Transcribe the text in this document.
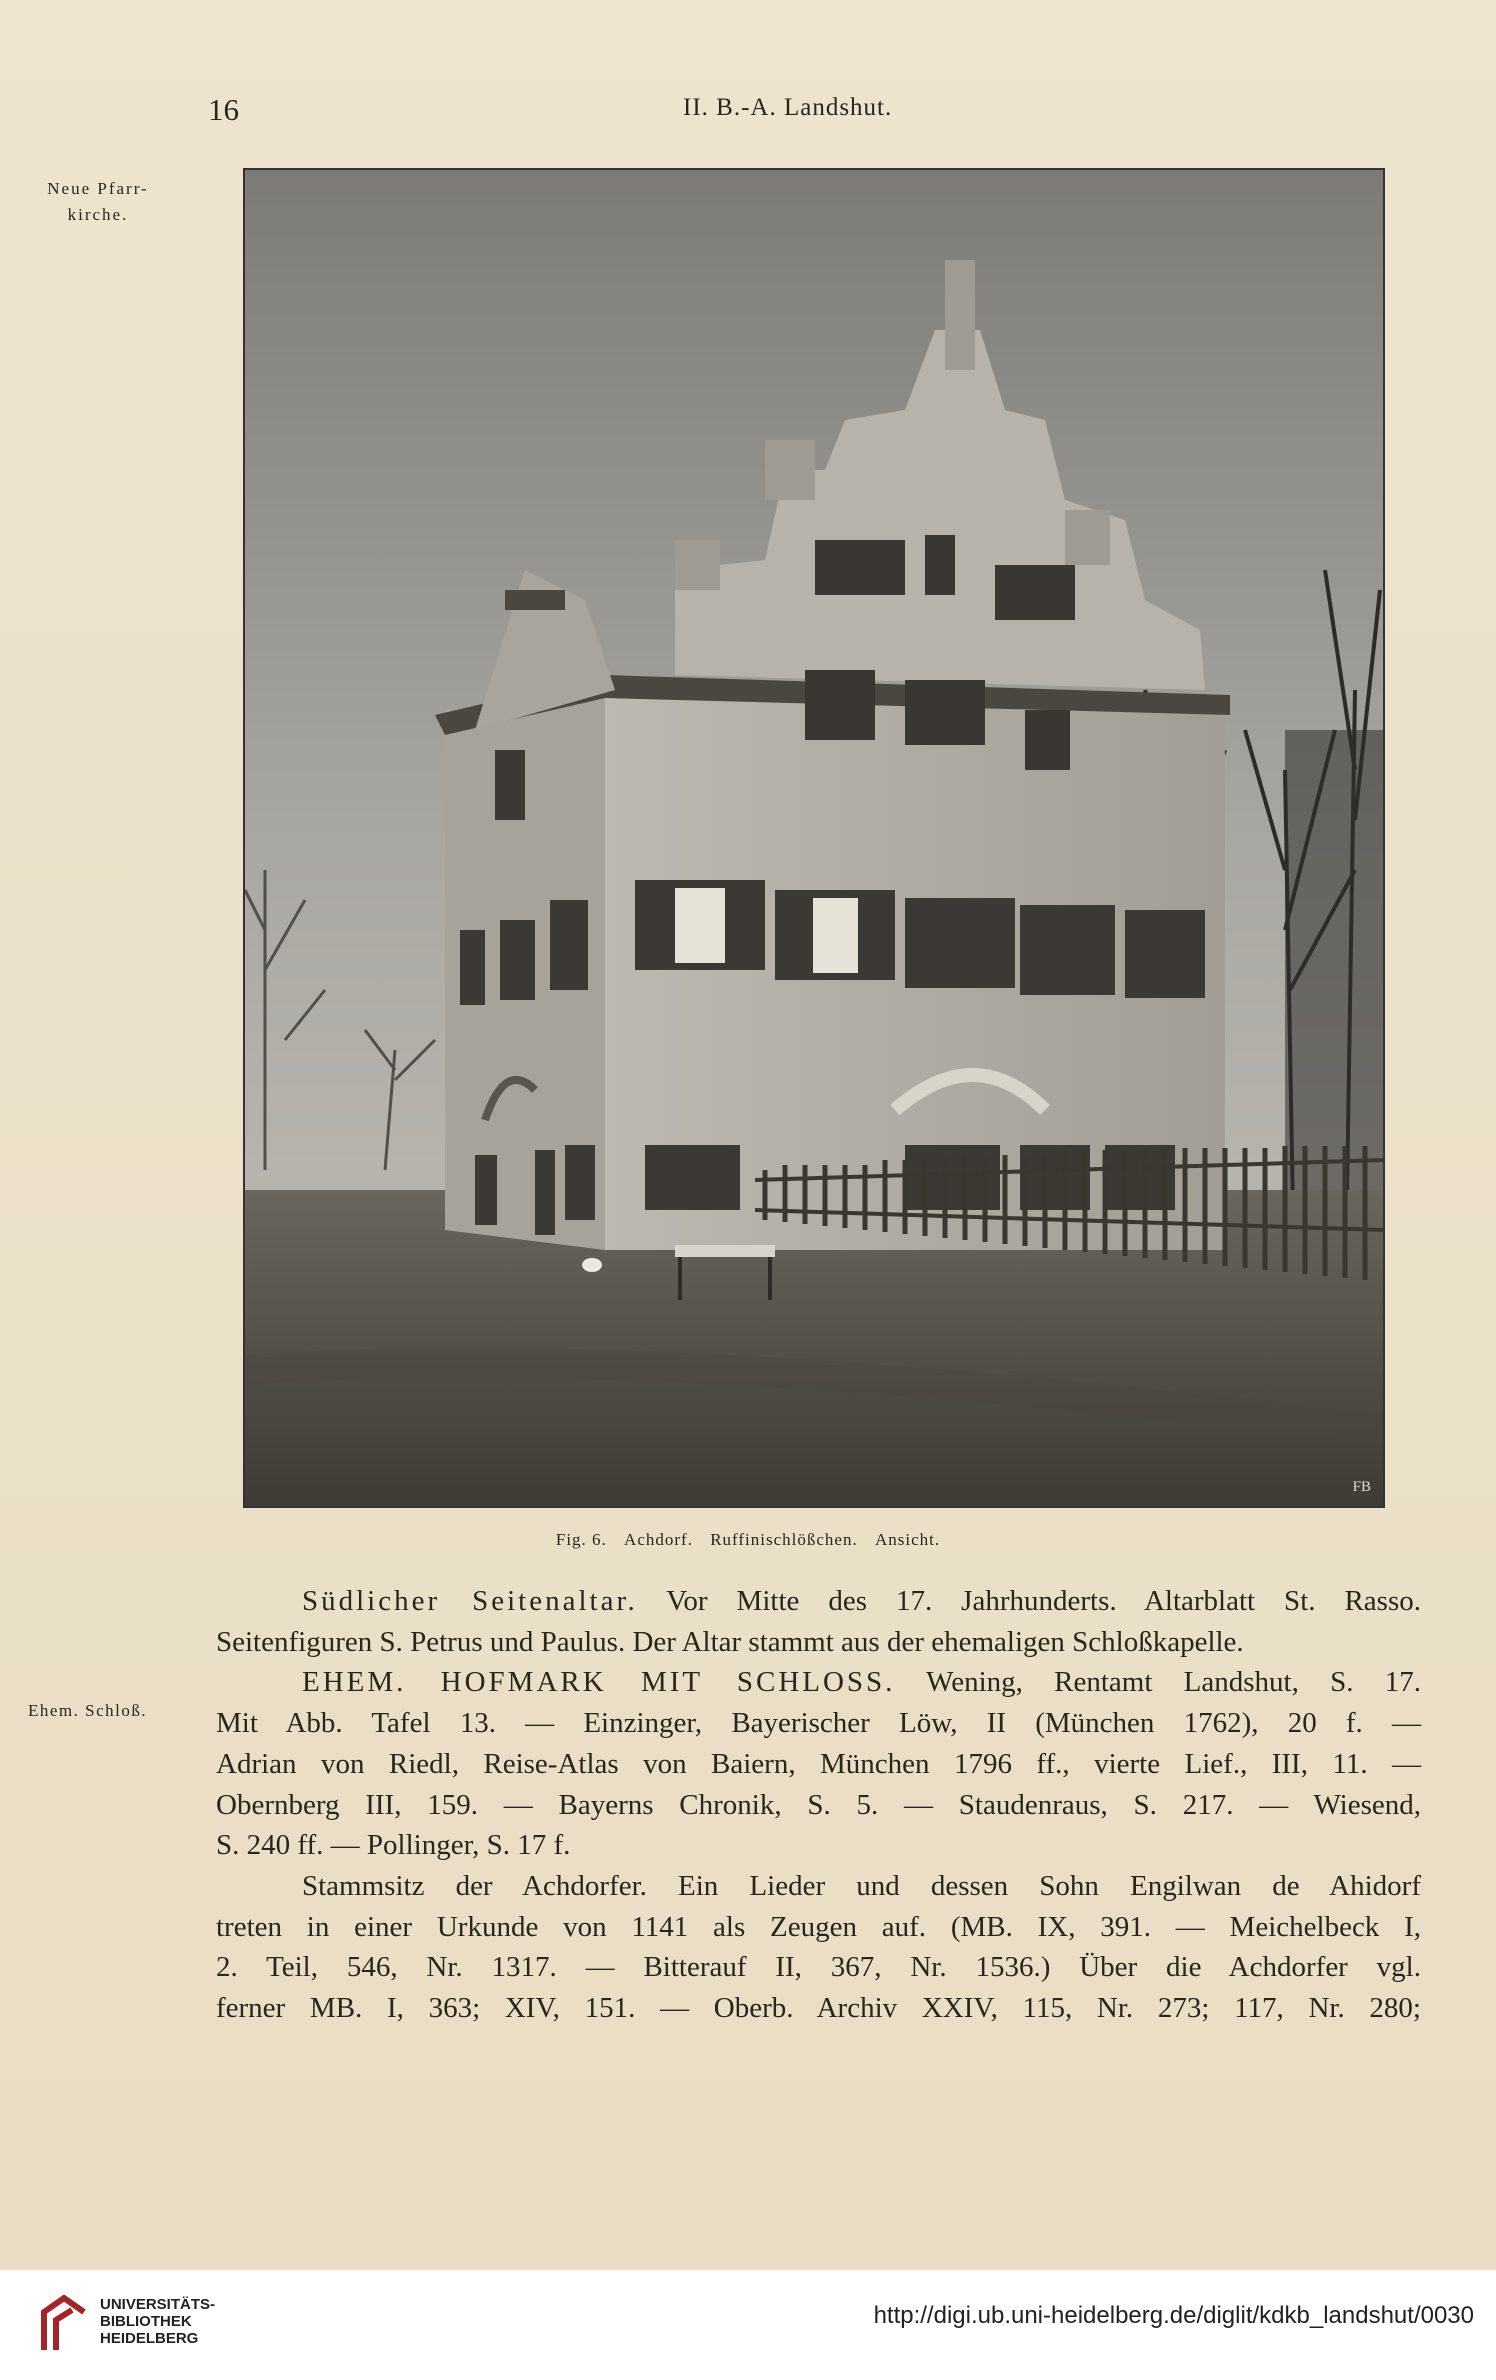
16	II. B.-A. Landshut.
Neue Pfarr-
kirche.
FB
Fig. 6. Achdorf. Ruffinischlößchen. Ansicht.
Ehem. Schloß.
Südlicher Seitenaltar. Vor Mitte des 17. Jahrhunderts. Altarblatt St. Rasso.
Seitenfiguren S. Petrus und Paulus. Der Altar stammt aus der ehemaligen Schloßkapelle.
EHEM. HOFMARK MIT SCHLOSS. Wening, Rentamt Landshut, S. 17.
Mit Abb. Tafel 13. — Einzinger, Bayerischer Löw, II (München 1762), 20 f. —
Adrian von Riedl, Reise-Atlas von Baiern, München 1796 ff., vierte Lief., III, 11. —
Obernberg III, 159. — Bayerns Chronik, S. 5. — Staudenraus, S. 217. — Wiesend,
S. 240 ff. — Pollinger, S. 17 f.
Stammsitz der Achdorfer. Ein Lieder und dessen Sohn Engilwan de Ahidorf
treten in einer Urkunde von 1141 als Zeugen auf. (MB. IX, 391. — Meichelbeck I,
2. Teil, 546, Nr. 1317. — Bitterauf II, 367, Nr. 1536.) Über die Achdorfer vgl.
ferner MB. I, 363; XIV, 151. — Oberb. Archiv XXIV, 115, Nr. 273; 117, Nr. 280;
UNIVERSITÄTS-
BIBLIOTHEK
HEIDELBERG
http://digi.ub.uni-heidelberg.de/diglit/kdkb_landshut/0030
